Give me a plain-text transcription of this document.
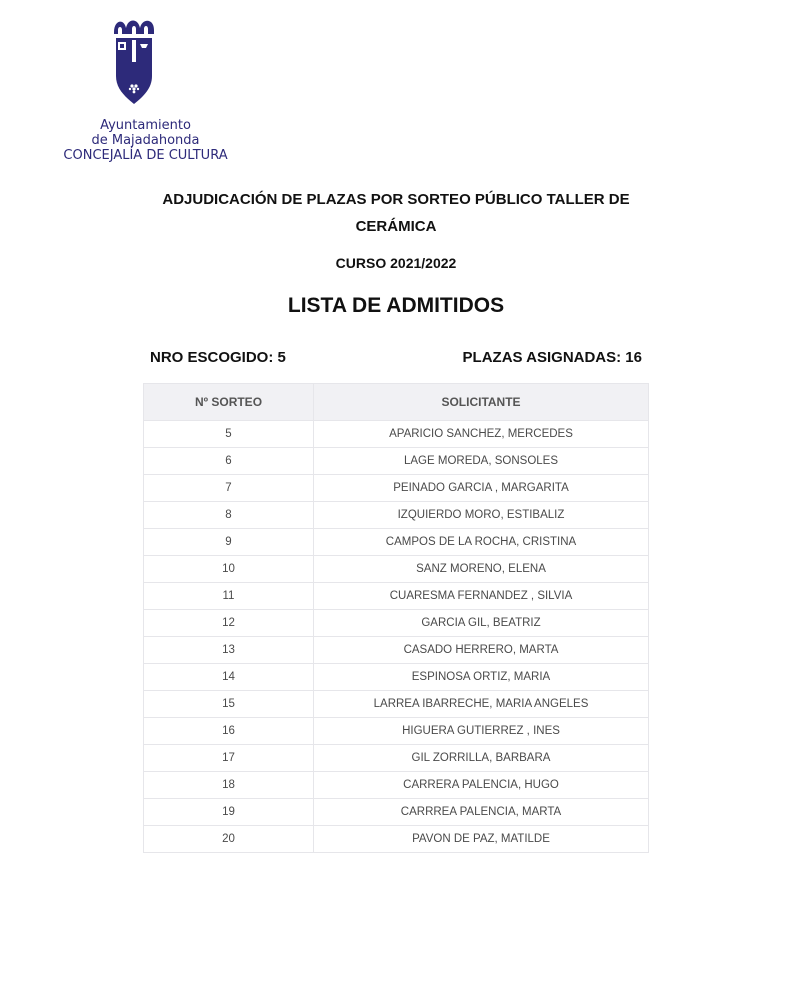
Ayuntamiento
de Majadahonda
CONCEJALÍA DE CULTURA
ADJUDICACIÓN DE PLAZAS POR SORTEO PÚBLICO TALLER DE
CERÁMICA
CURSO 2021/2022
LISTA DE ADMITIDOS
NRO ESCOGIDO: 5	PLAZAS ASIGNADAS: 16
Nº SORTEO	SOLICITANTE
5	APARICIO SANCHEZ, MERCEDES
6	LAGE MOREDA, SONSOLES
7	PEINADO GARCIA , MARGARITA
8	IZQUIERDO MORO, ESTIBALIZ
9	CAMPOS DE LA ROCHA, CRISTINA
10	SANZ MORENO, ELENA
11	CUARESMA FERNANDEZ , SILVIA
12	GARCIA GIL, BEATRIZ
13	CASADO HERRERO, MARTA
14	ESPINOSA ORTIZ, MARIA
15	LARREA IBARRECHE, MARIA ANGELES
16	HIGUERA GUTIERREZ , INES
17	GIL ZORRILLA, BARBARA
18	CARRERA PALENCIA, HUGO
19	CARRREA PALENCIA, MARTA
20	PAVON DE PAZ, MATILDE
